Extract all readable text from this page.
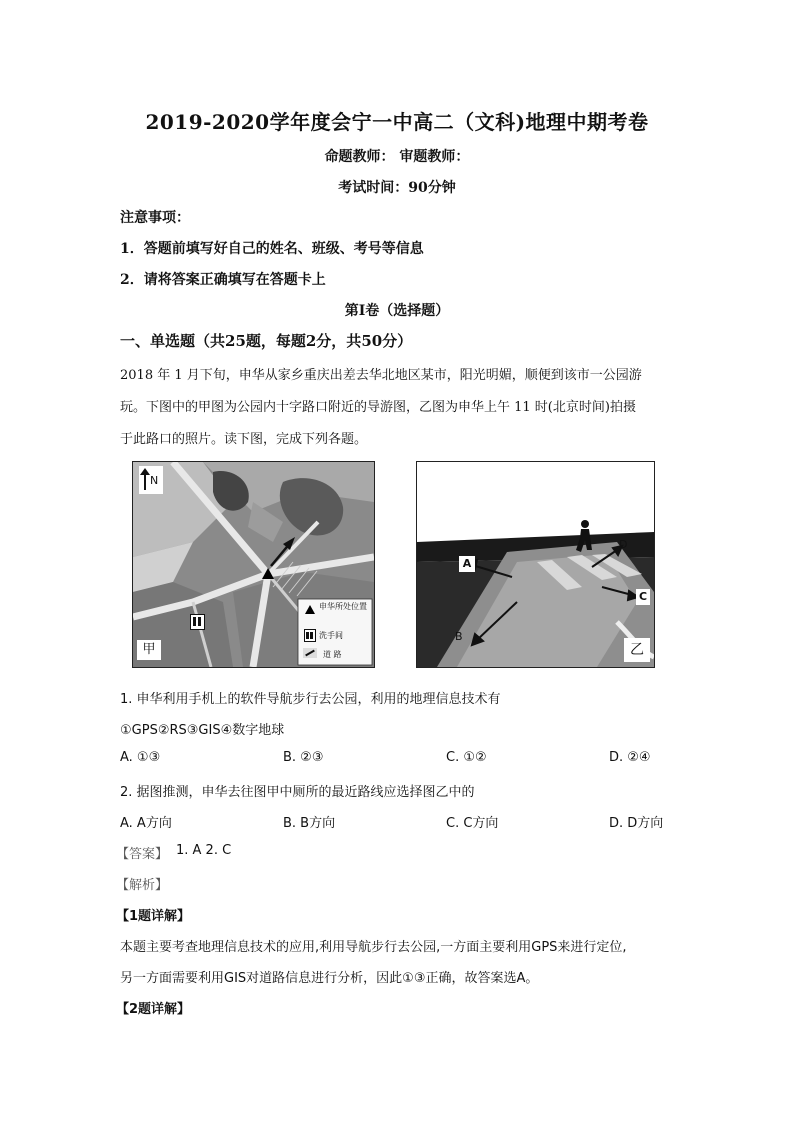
2019-2020学年度会宁一中高二（文科)地理中期考卷
命题教师： 审题教师：
考试时间：90分钟
注意事项：
1．答题前填写好自己的姓名、班级、考号等信息
2．请将答案正确填写在答题卡上
第I卷（选择题）
一、单选题（共25题，每题2分，共50分）
2018 年 1 月下旬，申华从家乡重庆出差去华北地区某市，阳光明媚，顺便到该市一公园游
玩。下图中的甲图为公园内十字路口附近的导游图，乙图为申华上午 11 时(北京时间)拍摄
于此路口的照片。读下图，完成下列各题。
N
申华所处位置
洗手间
道 路
甲
A
B
C
D
乙
1. 申华利用手机上的软件导航步行去公园，利用的地理信息技术有
①GPS②RS③GIS④数字地球
A. ①③	B. ②③	C. ①②	D. ②④
2. 据图推测，申华去往图甲中厕所的最近路线应选择图乙中的
A. A方向	B. B方向	C. C方向	D. D方向
【答案】 1. A 2. C
【解析】
【1题详解】
本题主要考查地理信息技术的应用,利用导航步行去公园,一方面主要利用GPS来进行定位,
另一方面需要利用GIS对道路信息进行分析，因此①③正确，故答案选A。
【2题详解】
